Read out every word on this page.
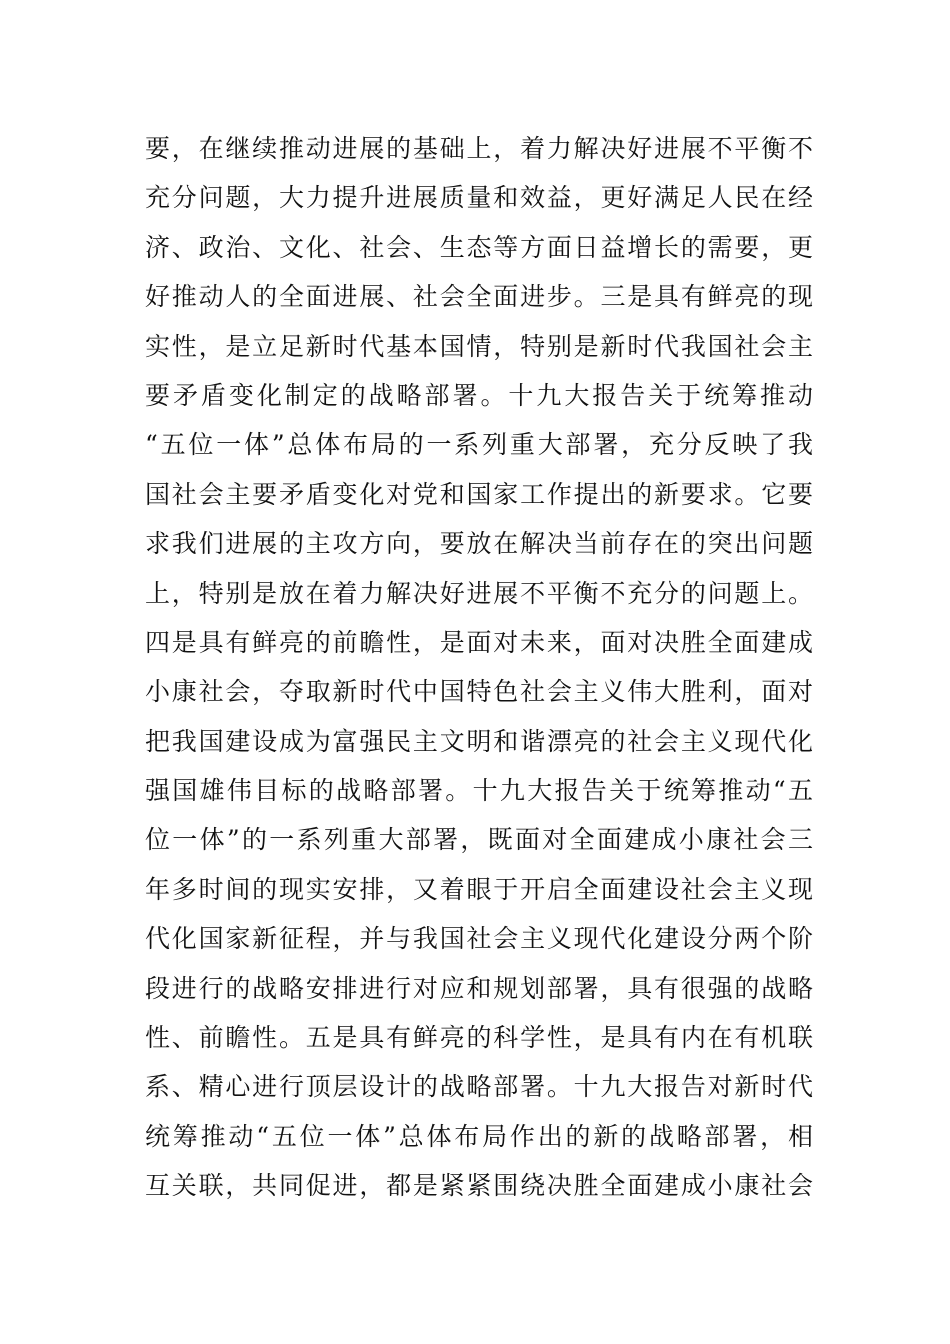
要，在继续推动进展的基础上，着力解决好进展不平衡不
充分问题，大力提升进展质量和效益，更好满足人民在经
济、政治、文化、社会、生态等方面日益增长的需要，更
好推动人的全面进展、社会全面进步。三是具有鲜亮的现
实性，是立足新时代基本国情，特别是新时代我国社会主
要矛盾变化制定的战略部署。十九大报告关于统筹推动
“五位一体”总体布局的一系列重大部署，充分反映了我
国社会主要矛盾变化对党和国家工作提出的新要求。它要
求我们进展的主攻方向，要放在解决当前存在的突出问题
上，特别是放在着力解决好进展不平衡不充分的问题上。
四是具有鲜亮的前瞻性，是面对未来，面对决胜全面建成
小康社会，夺取新时代中国特色社会主义伟大胜利，面对
把我国建设成为富强民主文明和谐漂亮的社会主义现代化
强国雄伟目标的战略部署。十九大报告关于统筹推动“五
位一体”的一系列重大部署，既面对全面建成小康社会三
年多时间的现实安排，又着眼于开启全面建设社会主义现
代化国家新征程，并与我国社会主义现代化建设分两个阶
段进行的战略安排进行对应和规划部署，具有很强的战略
性、前瞻性。五是具有鲜亮的科学性，是具有内在有机联
系、精心进行顶层设计的战略部署。十九大报告对新时代
统筹推动“五位一体”总体布局作出的新的战略部署，相
互关联，共同促进，都是紧紧围绕决胜全面建成小康社会
